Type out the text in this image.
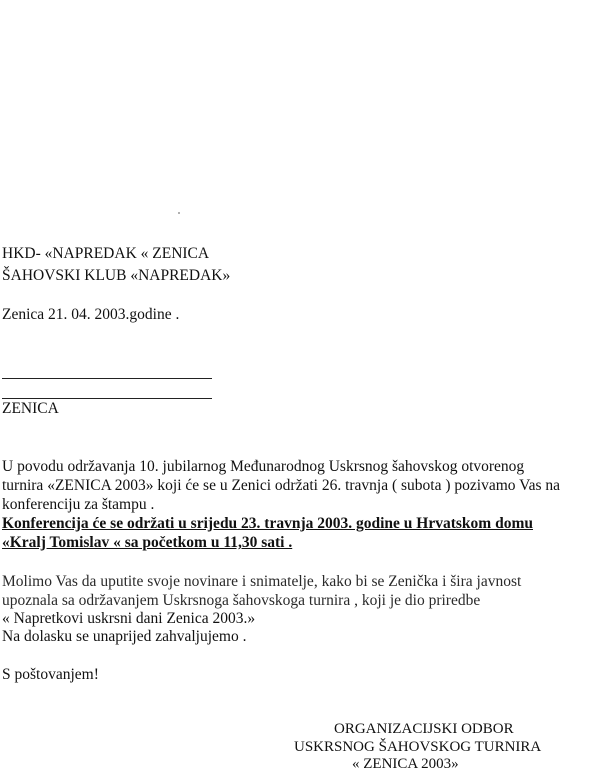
HKD- «NAPREDAK « ZENICA
ŠAHOVSKI KLUB «NAPREDAK»
Zenica 21. 04. 2003.godine .
ZENICA
U povodu održavanja 10. jubilarnog Međunarodnog Uskrsnog šahovskog otvorenog
turnira «ZENICA 2003» koji će se u Zenici održati 26. travnja ( subota ) pozivamo Vas na
konferenciju za štampu .
Konferencija će se održati u srijedu 23. travnja 2003. godine u Hrvatskom domu
«Kralj Tomislav « sa početkom u 11,30 sati .
Molimo Vas da uputite svoje novinare i snimatelje, kako bi se Zenička i šira javnost
upoznala sa održavanjem Uskrsnoga šahovskoga turnira , koji je dio priredbe
« Napretkovi uskrsni dani Zenica 2003.»
Na dolasku se unaprijed zahvaljujemo .
S poštovanjem!
ORGANIZACIJSKI ODBOR
USKRSNOG ŠAHOVSKOG TURNIRA
« ZENICA 2003»
